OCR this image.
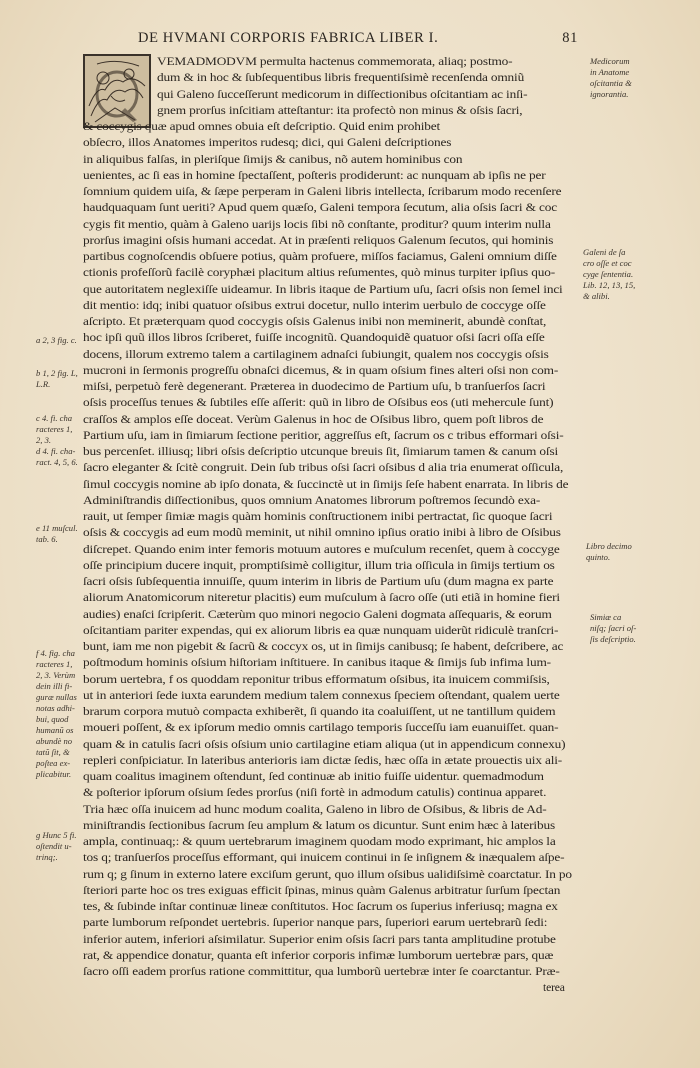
DE HVMANI CORPORIS FABRICA LIBER I.	81
VEMADMODVM permulta hactenus commemorata, aliaq; postmo-
dum & in hoc & ſubſequentibus libris frequentiſsimè recenſenda omniũ
qui Galeno ſucceſſerunt medicorum in diſſectionibus oſcitantiam ac inſi-
gnem prorſus inſcitiam atteſtantur: ita profectò non minus & oſsis ſacri,
& coccygis quæ apud omnes obuia eſt deſcriptio. Quid enim prohibet
obſecro, illos Anatomes imperitos rudesq; dici, qui Galeni deſcriptiones
in aliquibus falſas, in pleriſque ſimijs & canibus, nõ autem hominibus con
uenientes, ac ſi eas in homine ſpectaſſent, poſteris prodiderunt: ac nunquam ab ipſis ne per
ſomnium quidem uiſa, & ſæpe perperam in Galeni libris intellecta, ſcribarum modo recenſere
haudquaquam ſunt ueriti? Apud quem quæſo, Galeni tempora ſecutum, alia oſsis ſacri & coc
cygis fit mentio, quàm à Galeno uarijs locis ſibi nõ conſtante, proditur? quum interim nulla
prorſus imagini oſsis humani accedat. At in præſenti reliquos Galenum ſecutos, qui hominis
partibus cognoſcendis obſuere potius, quàm profuere, miſſos faciamus, Galeni omnium diſſe
ctionis profeſſorũ facilè coryphæi placitum altius reſumentes, quò minus turpiter ipſius quo-
que autoritatem neglexiſſe uideamur. In libris itaque de Partium uſu, ſacri oſsis non ſemel inci
dit mentio: idq; inibi quatuor oſsibus extrui docetur, nullo interim uerbulo de coccyge oſſe
aſcripto. Et præterquam quod coccygis oſsis Galenus inibi non meminerit, abundè conſtat,
hoc ipſi quũ illos libros ſcriberet, fuiſſe incognitũ. Quandoquidẽ quatuor oſsi ſacri oſſa eſſe
docens, illorum extremo talem a cartilaginem adnaſci ſubiungit, qualem nos coccygis oſsis
mucroni in ſermonis progreſſu obnaſci dicemus, & in quam oſsium fines alteri oſsi non com-
miſsi, perpetuò ferè degenerant. Præterea in duodecimo de Partium uſu, b tranſuerſos ſacri
oſsis proceſſus tenues & ſubtiles eſſe aſſerit: quũ in libro de Oſsibus eos (uti mehercule ſunt)
craſſos & amplos eſſe doceat. Verùm Galenus in hoc de Oſsibus libro, quem poſt libros de
Partium uſu, iam in ſimiarum ſectione peritior, aggreſſus eſt, ſacrum os c tribus efformari oſsi-
bus percenſet. illiusq; libri oſsis deſcriptio utcunque breuis ſit, ſimiarum tamen & canum oſsi
ſacro eleganter & ſcitè congruit. Dein ſub tribus oſsi ſacri oſsibus d alia tria enumerat oſſicula,
ſimul coccygis nomine ab ipſo donata, & ſuccinctè ut in ſimijs ſeſe habent enarrata. In libris de
Adminiſtrandis diſſectionibus, quos omnium Anatomes librorum poſtremos ſecundò exa-
rauit, ut ſemper ſimiæ magis quàm hominis conſtructionem inibi pertractat, ſic quoque ſacri
oſsis & coccygis ad eum modũ meminit, ut nihil omnino ipſius oratio inibi à libro de Oſsibus
diſcrepet. Quando enim inter femoris motuum autores e muſculum recenſet, quem à coccyge
oſſe principium ducere inquit, promptiſsimè colligitur, illum tria oſſicula in ſimijs tertium os
ſacri oſsis ſubſequentia innuiſſe, quum interim in libris de Partium uſu (dum magna ex parte
aliorum Anatomicorum niteretur placitis) eum muſculum à ſacro oſſe (uti etiã in homine fieri
audies) enaſci ſcripſerit. Cæterùm quo minori negocio Galeni dogmata aſſequaris, & eorum
oſcitantiam pariter expendas, qui ex aliorum libris ea quæ nunquam uiderũt ridiculè tranſcri-
bunt, iam me non pigebit & ſacrũ & coccyx os, ut in ſimijs canibusq; ſe habent, deſcribere, ac
poſtmodum hominis oſsium hiſtoriam inſtituere. In canibus itaque & ſimijs ſub infima lum-
borum uertebra, f os quoddam reponitur tribus efformatum oſsibus, ita inuicem commiſsis,
ut in anteriori ſede iuxta earundem medium talem connexus ſpeciem oſtendant, qualem uerte
brarum corpora mutuò compacta exhiberẽt, ſi quando ita coaluiſſent, ut ne tantillum quidem
moueri poſſent, & ex ipſorum medio omnis cartilago temporis ſucceſſu iam euanuiſſet. quan-
quam & in catulis ſacri oſsis oſsium unio cartilagine etiam aliqua (ut in appendicum connexu)
repleri conſpiciatur. In lateribus anterioris iam dictæ ſedis, hæc oſſa in ætate prouectis uix ali-
quam coalitus imaginem oſtendunt, ſed continuæ ab initio fuiſſe uidentur. quemadmodum
& poſterior ipſorum oſsium ſedes prorſus (niſi fortè in admodum catulis) continua apparet.
Tria hæc oſſa inuicem ad hunc modum coalita, Galeno in libro de Oſsibus, & libris de Ad-
miniſtrandis ſectionibus ſacrum ſeu amplum & latum os dicuntur. Sunt enim hæc à lateribus
ampla, continuaq;: & quum uertebrarum imaginem quodam modo exprimant, hic amplos la
tos q; tranſuerſos proceſſus efformant, qui inuicem continui in ſe inſignem & inæqualem aſpe-
rum q; g ſinum in externo latere exciſum gerunt, quo illum oſsibus ualidiſsimè coarctatur. In po
ſteriori parte hoc os tres exiguas efficit ſpinas, minus quàm Galenus arbitratur ſurſum ſpectan
tes, & ſubinde inſtar continuæ lineæ conſtitutos. Hoc ſacrum os ſuperius inferiusq; magna ex
parte lumborum reſpondet uertebris. ſuperior nanque pars, ſuperiori earum uertebrarũ ſedi:
inferior autem, inferiori aſsimilatur. Superior enim oſsis ſacri pars tanta amplitudine protube
rat, & appendice donatur, quanta eſt inferior corporis infimæ lumborum uertebræ pars, quæ
ſacro oſſi eadem prorſus ratione committitur, qua lumborũ uertebræ inter ſe coarctantur. Præ-
terea
Medicorum
in Anatome
oſcitantia &
ignorantia.
Galeni de ſa
cro oſſe et coc
cyge ſententia.
Lib. 12, 13, 15,
& alibi.
a 2, 3 fig. c.
b 1, 2 fig. L,
L.R.
c 4. fi. cha
racteres 1,
2, 3.
d 4. fi. cha-
ract. 4, 5, 6.
e 11 muſcul.
tab. 6.
Libro decimo
quinto.
Simiæ ca
niſq; ſacri oſ-
ſis deſcriptio.
f 4. fig. cha
racteres 1,
2, 3. Verùm
dein illi fi-
guræ nullas
notas adhi-
bui, quod
humanũ os
abundè no
tatũ ſit, &
poſtea ex-
plicabitur.
g Hunc 5 fi.
oſtendit u-
trinq;.
